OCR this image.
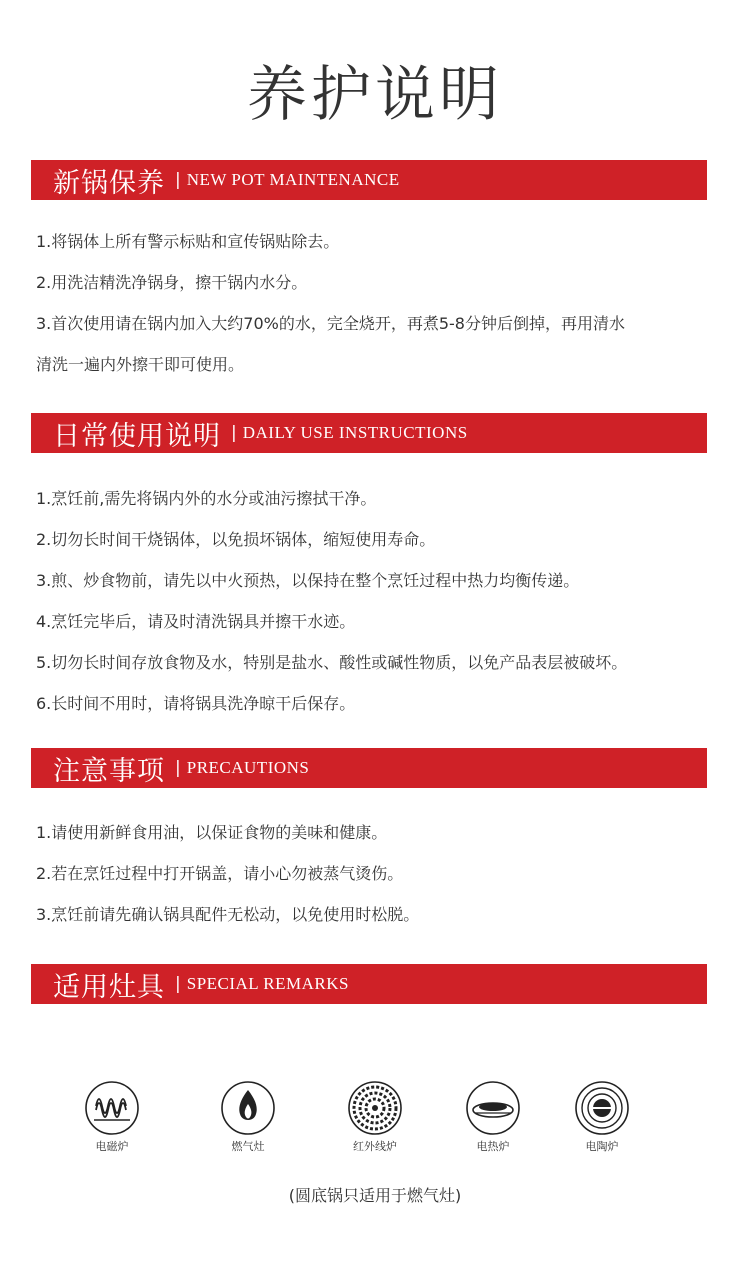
养护说明
新锅保养 | NEW POT MAINTENANCE
1.将锅体上所有警示标贴和宣传锅贴除去。
2.用洗洁精洗净锅身，擦干锅内水分。
3.首次使用请在锅内加入大约70%的水，完全烧开，再煮5-8分钟后倒掉，再用清水
清洗一遍内外擦干即可使用。
日常使用说明 | DAILY USE INSTRUCTIONS
1.烹饪前,需先将锅内外的水分或油污擦拭干净。
2.切勿长时间干烧锅体，以免损坏锅体，缩短使用寿命。
3.煎、炒食物前，请先以中火预热，以保持在整个烹饪过程中热力均衡传递。
4.烹饪完毕后，请及时清洗锅具并擦干水迹。
5.切勿长时间存放食物及水，特别是盐水、酸性或碱性物质，以免产品表层被破坏。
6.长时间不用时，请将锅具洗净晾干后保存。
注意事项 | PRECAUTIONS
1.请使用新鲜食用油，以保证食物的美味和健康。
2.若在烹饪过程中打开锅盖，请小心勿被蒸气烫伤。
3.烹饪前请先确认锅具配件无松动，以免使用时松脱。
适用灶具 | SPECIAL REMARKS
电磁炉	燃气灶	红外线炉	电热炉	电陶炉
(圆底锅只适用于燃气灶)
